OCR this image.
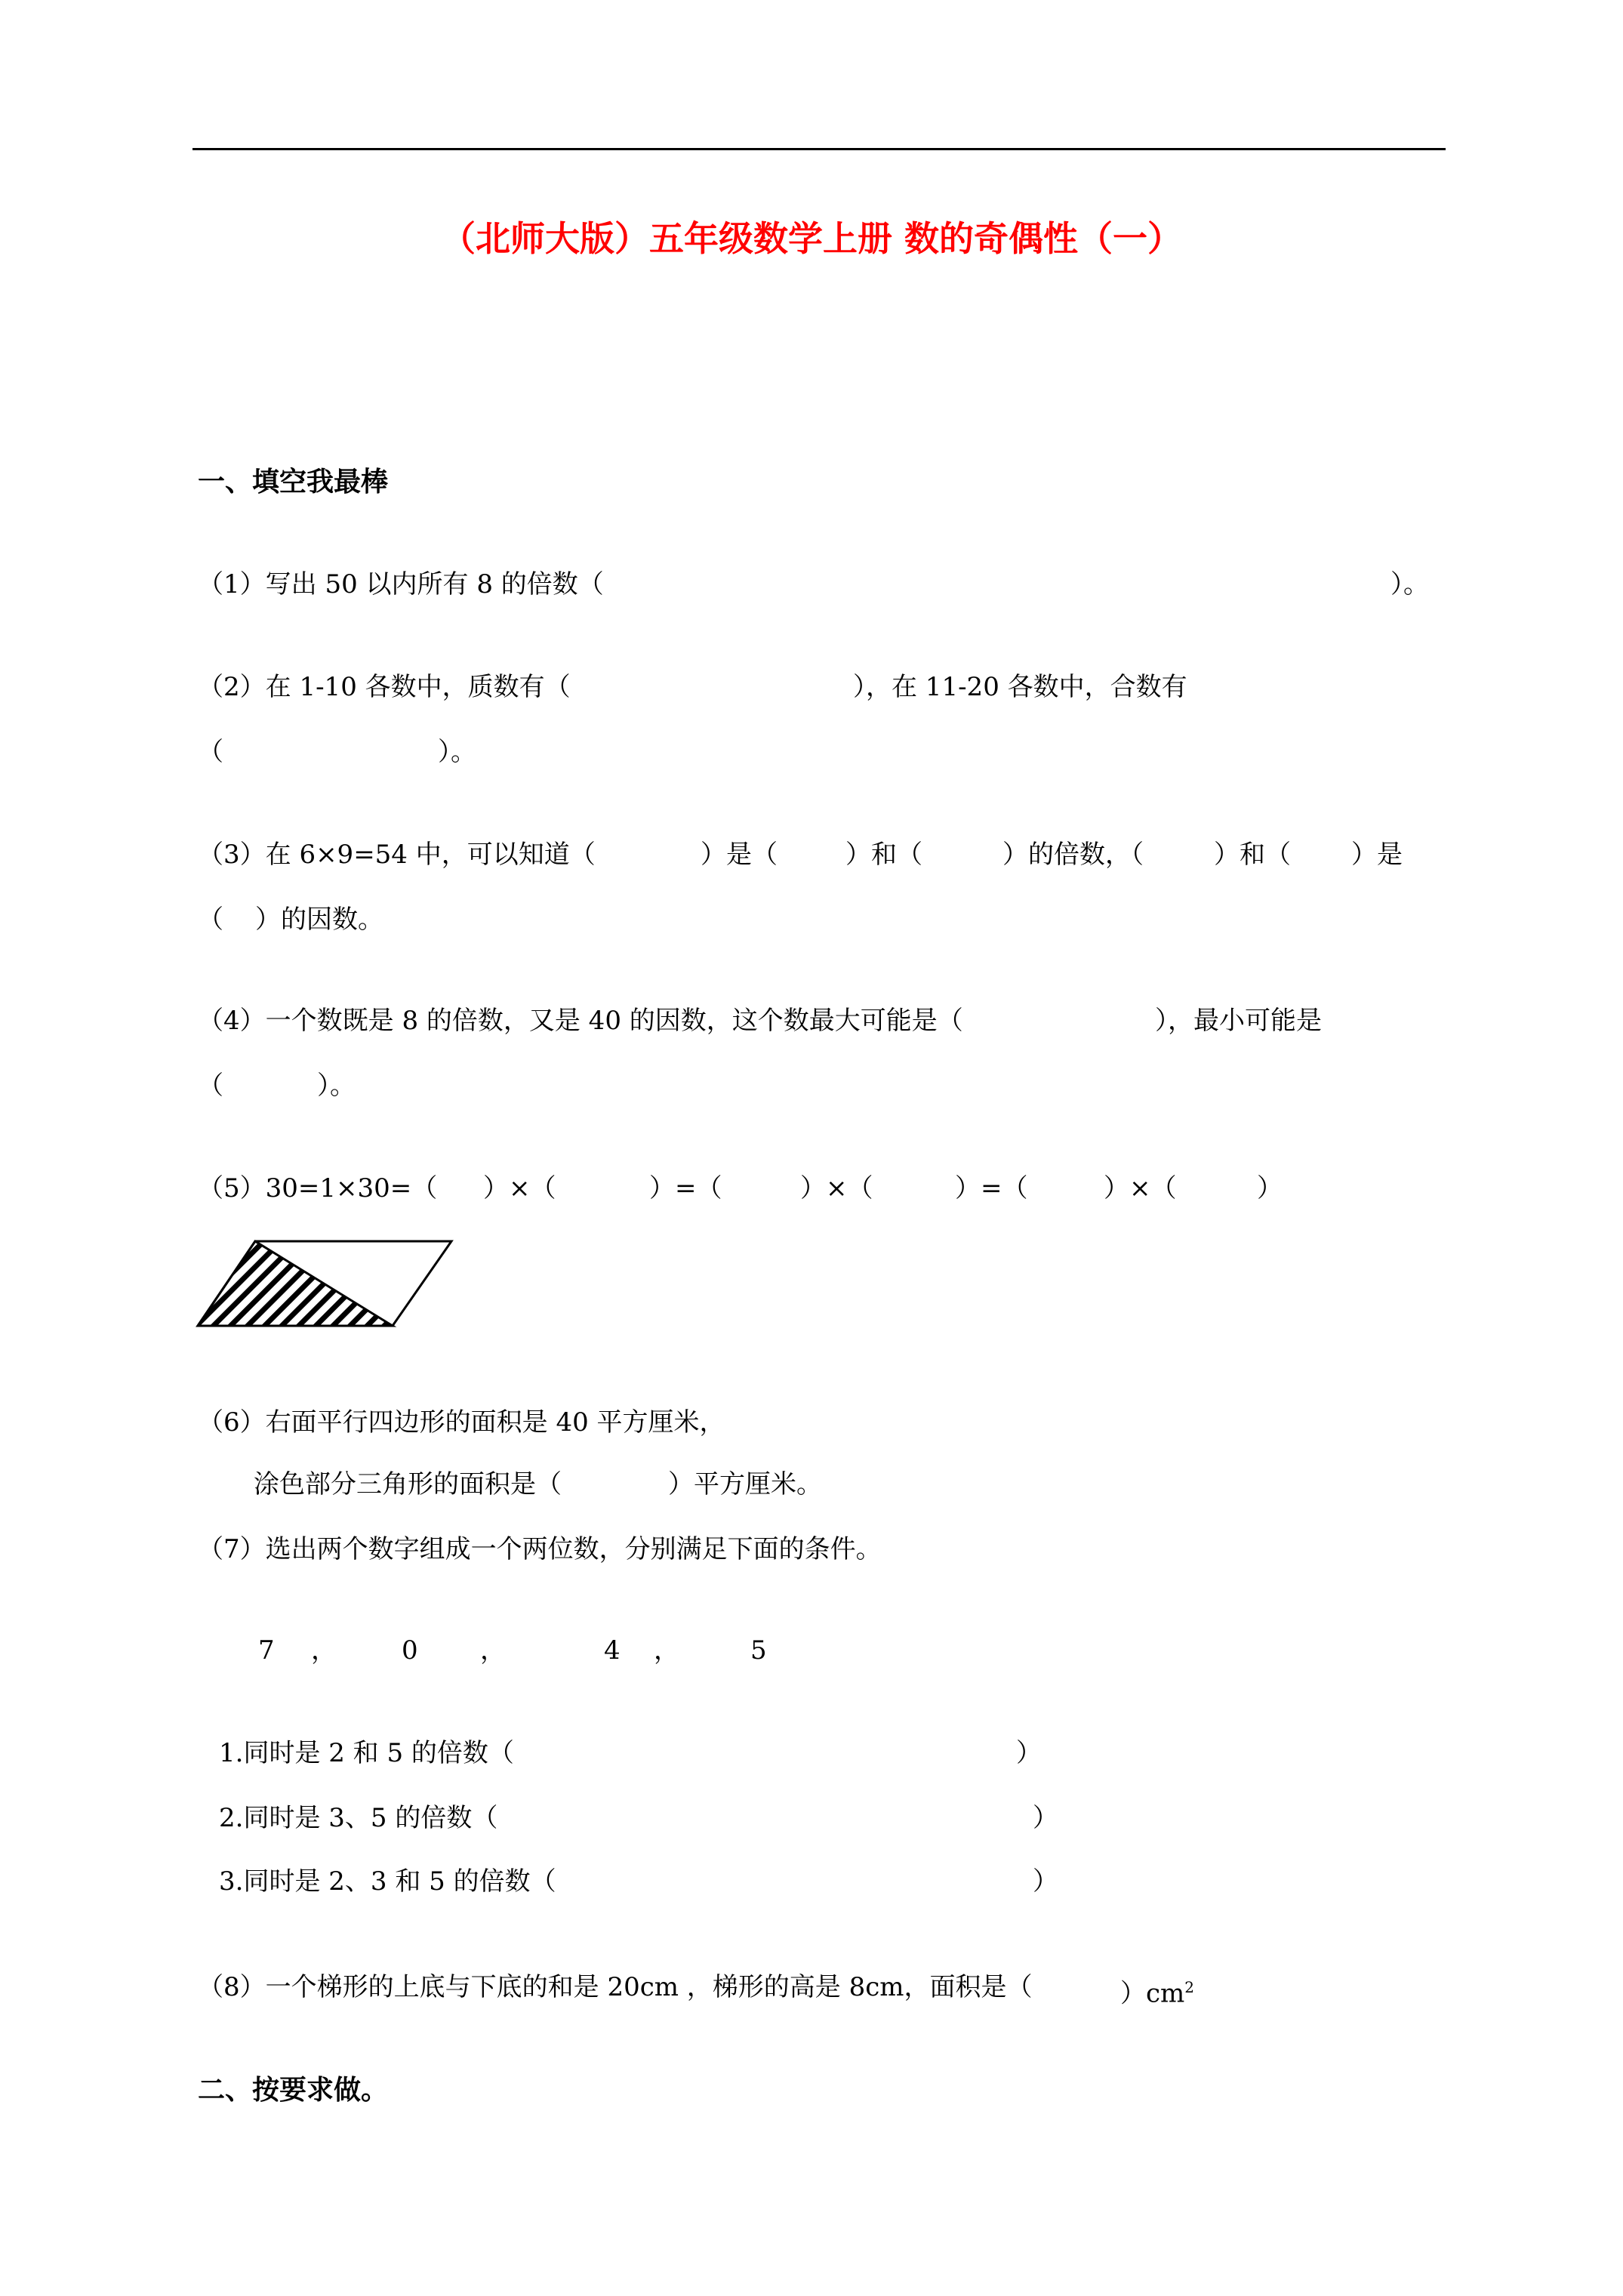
（北师大版）五年级数学上册 数的奇偶性（一）
一、填空我最棒
（1）写出 50 以内所有 8 的倍数（	）。
（2）在 1-10 各数中，质数有（	），在 11-20 各数中，合数有
（	）。
（3）在 6×9=54 中，可以知道（	）是（	）和（	）的倍数，（	）和（ ）是
（ ）的因数。
（4）一个数既是 8 的倍数，又是 40 的因数，这个数最大可能是（	），最小可能是
（	）。
（5）30=1×30=（ ）×（	）=（	）×（	）=（	）×（	）
（6）右面平行四边形的面积是 40 平方厘米，
涂色部分三角形的面积是（	）平方厘米。
（7）选出两个数字组成一个两位数，分别满足下面的条件。
7 ，	0 ，	4 ，	5
1.同时是 2 和 5 的倍数（	）
2.同时是 3、5 的倍数（	）
3.同时是 2、3 和 5 的倍数（	）
（8）一个梯形的上底与下底的和是 20cm ，梯形的高是 8cm，面积是（	）$cm^2$
二、按要求做。
